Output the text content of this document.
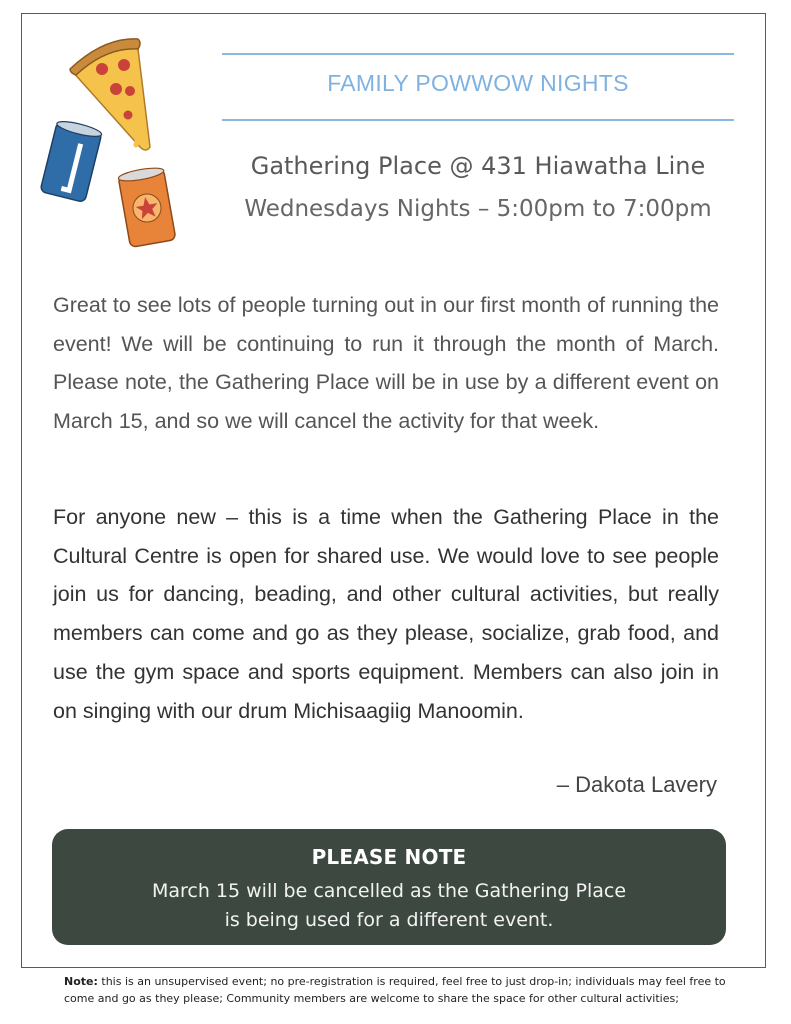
FAMILY POWWOW NIGHTS
Gathering Place @ 431 Hiawatha Line
Wednesdays Nights – 5:00pm to 7:00pm

Great to see lots of people turning out in our first month of running the event! We will be continuing to run it through the month of March. Please note, the Gathering Place will be in use by a different event on March 15, and so we will cancel the activity for that week.

For anyone new – this is a time when the Gathering Place in the Cultural Centre is open for shared use. We would love to see people join us for dancing, beading, and other cultural activities, but really members can come and go as they please, socialize, grab food, and use the gym space and sports equipment. Members can also join in on singing with our drum Michisaagiig Manoomin.

– Dakota Lavery
PLEASE NOTE
March 15 will be cancelled as the Gathering Place
is being used for a different event.
Note: this is an unsupervised event; no pre-registration is required, feel free to just drop-in; individuals may feel free to come and go as they please; Community members are welcome to share the space for other cultural activities;
